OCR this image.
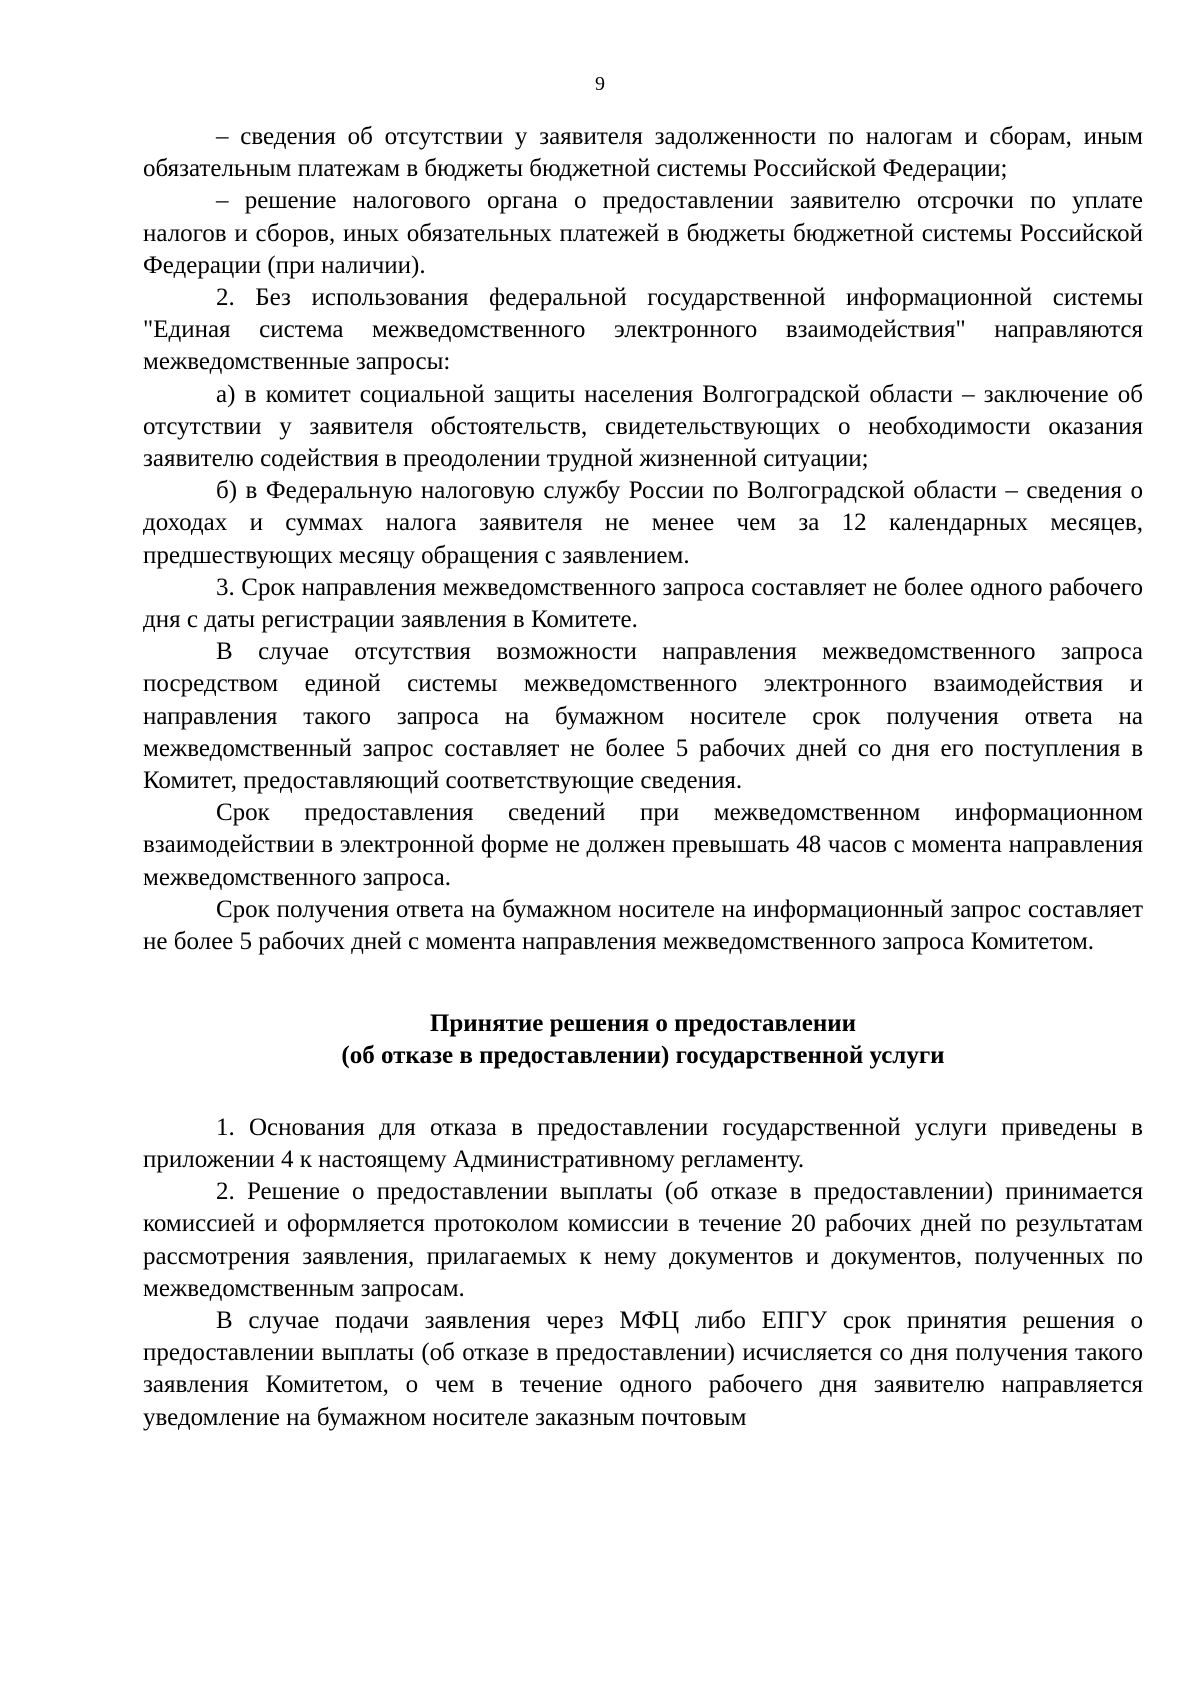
9

– сведения об отсутствии у заявителя задолженности по налогам и сборам, иным обязательным платежам в бюджеты бюджетной системы Российской Федерации;

– решение налогового органа о предоставлении заявителю отсрочки по уплате налогов и сборов, иных обязательных платежей в бюджеты бюджетной системы Российской Федерации (при наличии).

2. Без использования федеральной государственной информационной системы "Единая система межведомственного электронного взаимодействия" направляются межведомственные запросы:

а) в комитет социальной защиты населения Волгоградской области – заключение об отсутствии у заявителя обстоятельств, свидетельствующих о необходимости оказания заявителю содействия в преодолении трудной жизненной ситуации;

б) в Федеральную налоговую службу России по Волгоградской области – сведения о доходах и суммах налога заявителя не менее чем за 12 календарных месяцев, предшествующих месяцу обращения с заявлением.

3. Срок направления межведомственного запроса составляет не более одного рабочего дня с даты регистрации заявления в Комитете.

В случае отсутствия возможности направления межведомственного запроса посредством единой системы межведомственного электронного взаимодействия и направления такого запроса на бумажном носителе срок получения ответа на межведомственный запрос составляет не более 5 рабочих дней со дня его поступления в Комитет, предоставляющий соответствующие сведения.

Срок предоставления сведений при межведомственном информационном взаимодействии в электронной форме не должен превышать 48 часов с момента направления межведомственного запроса.

Срок получения ответа на бумажном носителе на информационный запрос составляет не более 5 рабочих дней с момента направления межведомственного запроса Комитетом.

Принятие решения о предоставлении
(об отказе в предоставлении) государственной услуги

1. Основания для отказа в предоставлении государственной услуги приведены в приложении 4 к настоящему Административному регламенту.

2. Решение о предоставлении выплаты (об отказе в предоставлении) принимается комиссией и оформляется протоколом комиссии в течение 20 рабочих дней по результатам рассмотрения заявления, прилагаемых к нему документов и документов, полученных по межведомственным запросам.

В случае подачи заявления через МФЦ либо ЕПГУ срок принятия решения о предоставлении выплаты (об отказе в предоставлении) исчисляется со дня получения такого заявления Комитетом, о чем в течение одного рабочего дня заявителю направляется уведомление на бумажном носителе заказным почтовым
